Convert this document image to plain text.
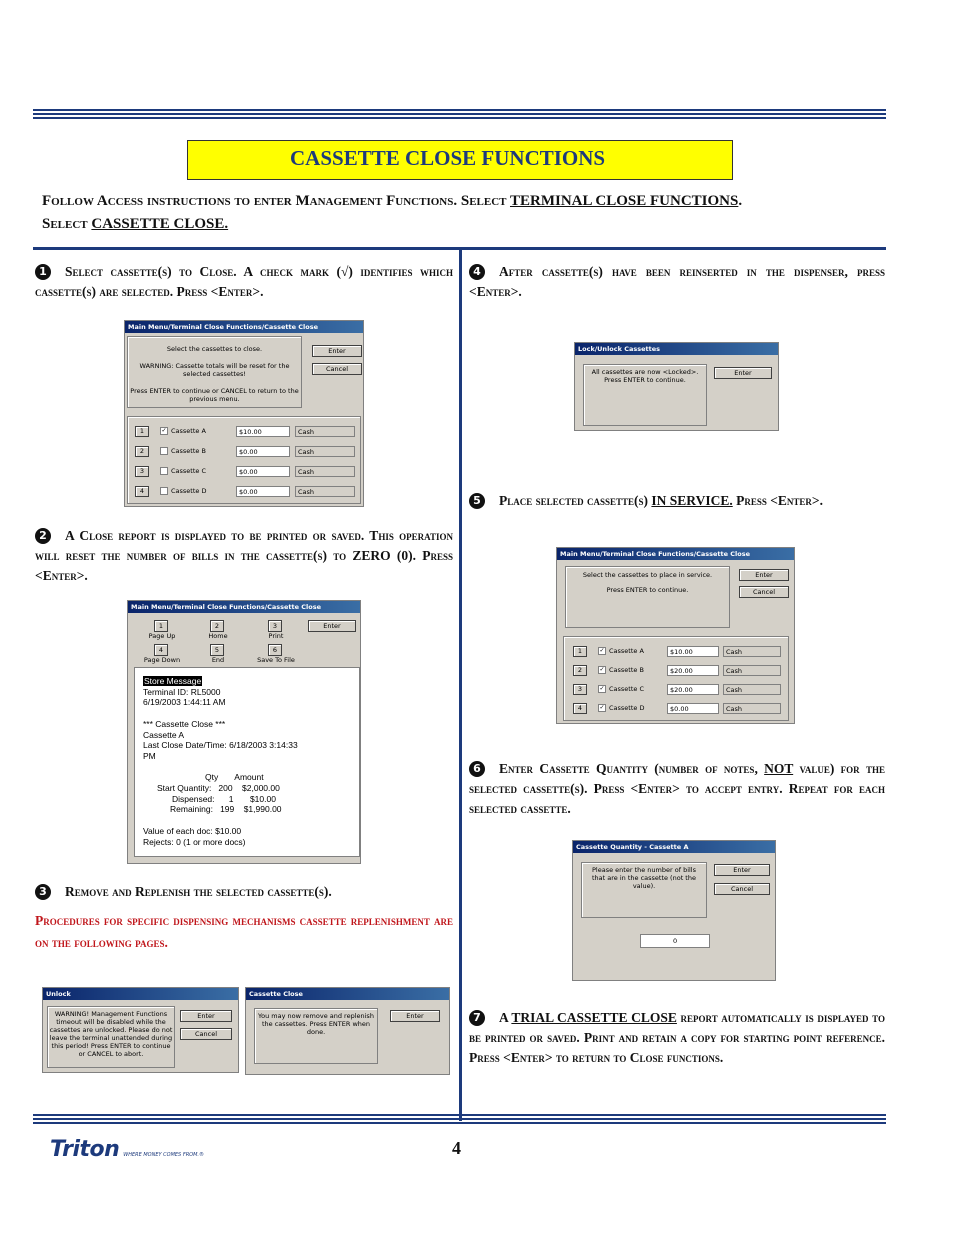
CASSETTE CLOSE FUNCTIONS
Follow Access instructions to enter Management Functions. Select TERMINAL CLOSE FUNCTIONS.
Select CASSETTE CLOSE.
1 Select cassette(s) to Close. A check mark (√) identifies which cassette(s) are selected. Press <Enter>.
Main Menu/Terminal Close Functions/Cassette Close
Select the cassettes to close.
WARNING: Cassette totals will be reset for the selected cassettes!
Press ENTER to continue or CANCEL to return to the previous menu.
Enter
Cancel
1	✓ Cassette A	$10.00	Cash
2	Cassette B	$0.00	Cash
3	Cassette C	$0.00	Cash
4	Cassette D	$0.00	Cash
2 A Close report is displayed to be printed or saved. This operation will reset the number of bills in the cassette(s) to ZERO (0). Press <Enter>.
Main Menu/Terminal Close Functions/Cassette Close
1
Page Up
2
Home
3
Print
4
Page Down
5
End
6
Save To File
Enter
Store Message
Terminal ID: RL5000
6/19/2003 1:44:11 AM

*** Cassette Close ***
Cassette A
Last Close Date/Time: 6/18/2003 3:14:33
PM

Qty       Amount
Start Quantity:   200    $2,000.00
Dispensed:      1       $10.00
Remaining:   199    $1,990.00

Value of each doc: $10.00
Rejects: 0 (1 or more docs)
3 Remove and Replenish the selected cassette(s).
Procedures for specific dispensing mechanisms cassette replenishment are on the following pages.
Unlock
WARNING! Management Functions timeout will be disabled while the cassettes are unlocked. Please do not leave the terminal unattended during this period! Press ENTER to continue or CANCEL to abort.
Enter
Cancel
Cassette Close
You may now remove and replenish the cassettes. Press ENTER when done.
Enter
4 After cassette(s) have been reinserted in the dispenser, press <Enter>.
Lock/Unlock Cassettes
All cassettes are now <Locked>. Press ENTER to continue.
Enter
5 Place selected cassette(s) IN SERVICE. Press <Enter>.
Main Menu/Terminal Close Functions/Cassette Close
Select the cassettes to place in service.
Press ENTER to continue.
Enter
Cancel
1	✓ Cassette A	$10.00	Cash
2	✓ Cassette B	$20.00	Cash
3	✓ Cassette C	$20.00	Cash
4	✓ Cassette D	$0.00	Cash
6 Enter Cassette Quantity (number of notes, NOT value) for the selected cassette(s). Press <Enter> to accept entry. Repeat for each selected cassette.
Cassette Quantity - Cassette A
Please enter the number of bills that are in the cassette (not the value).
Enter
Cancel
0
7 A TRIAL CASSETTE CLOSE report automatically is displayed to be printed or saved. Print and retain a copy for starting point reference. Press <Enter> to return to Close functions.
Triton WHERE MONEY COMES FROM.®	4
